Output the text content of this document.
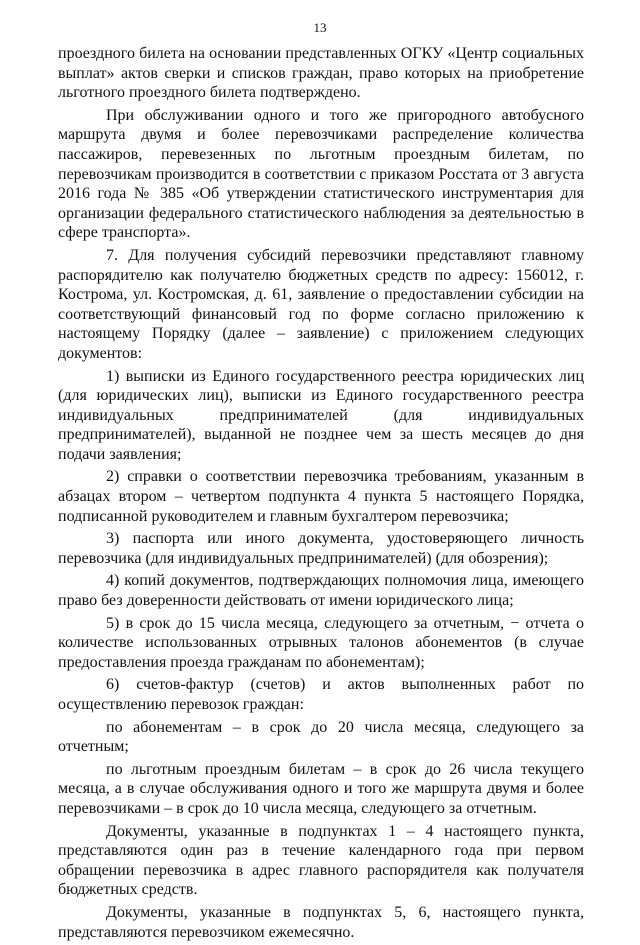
13

проездного билета на основании представленных ОГКУ «Центр социальных выплат» актов сверки и списков граждан, право которых на приобретение льготного проездного билета подтверждено.

При обслуживании одного и того же пригородного автобусного маршрута двумя и более перевозчиками распределение количества пассажиров, перевезенных по льготным проездным билетам, по перевозчикам производится в соответствии с приказом Росстата от 3 августа 2016 года № 385 «Об утверждении статистического инструментария для организации федерального статистического наблюдения за деятельностью в сфере транспорта».

7. Для получения субсидий перевозчики представляют главному распорядителю как получателю бюджетных средств по адресу: 156012, г. Кострома, ул. Костромская, д. 61, заявление о предоставлении субсидии на соответствующий финансовый год по форме согласно приложению к настоящему Порядку (далее – заявление) с приложением следующих документов:

1) выписки из Единого государственного реестра юридических лиц (для юридических лиц), выписки из Единого государственного реестра индивидуальных предпринимателей (для индивидуальных предпринимателей), выданной не позднее чем за шесть месяцев до дня подачи заявления;

2) справки о соответствии перевозчика требованиям, указанным в абзацах втором – четвертом подпункта 4 пункта 5 настоящего Порядка, подписанной руководителем и главным бухгалтером перевозчика;

3) паспорта или иного документа, удостоверяющего личность перевозчика (для индивидуальных предпринимателей) (для обозрения);

4) копий документов, подтверждающих полномочия лица, имеющего право без доверенности действовать от имени юридического лица;

5) в срок до 15 числа месяца, следующего за отчетным, − отчета о количестве использованных отрывных талонов абонементов (в случае предоставления проезда гражданам по абонементам);

6) счетов-фактур (счетов) и актов выполненных работ по осуществлению перевозок граждан:

по абонементам – в срок до 20 числа месяца, следующего за отчетным;

по льготным проездным билетам – в срок до 26 числа текущего месяца, а в случае обслуживания одного и того же маршрута двумя и более перевозчиками – в срок до 10 числа месяца, следующего за отчетным.

Документы, указанные в подпунктах 1 – 4 настоящего пункта, представляются один раз в течение календарного года при первом обращении перевозчика в адрес главного распорядителя как получателя бюджетных средств.

Документы, указанные в подпунктах 5, 6, настоящего пункта, представляются перевозчиком ежемесячно.
